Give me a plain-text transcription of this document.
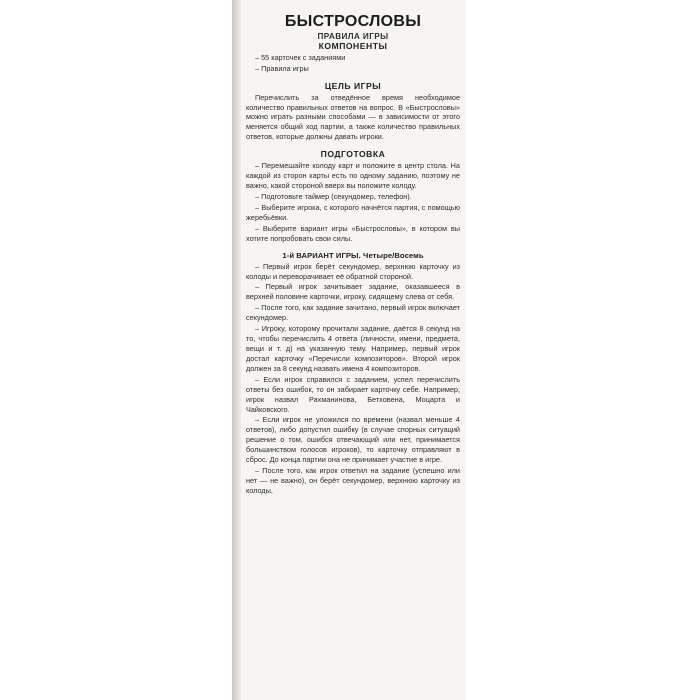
БЫСТРОСЛОВЫ
ПРАВИЛА ИГРЫ
КОМПОНЕНТЫ

– 55 карточек с заданиями

– Правила игры

ЦЕЛЬ ИГРЫ

Перечислить за отведённое время необходимое количество правильных ответов на вопрос. В «Быстрословы» можно играть разными способами — в зависимости от этого меняется общий ход партии, а также количество правильных ответов, которые должны давать игроки.

ПОДГОТОВКА

– Перемешайте колоду карт и положите в центр стола. На каждой из сторон карты есть по одному заданию, поэтому не важно, какой стороной вверх вы положите колоду.

– Подготовьте таймер (секундомер, телефон).

– Выберите игрока, с которого начнётся партия, с помощью жеребьёвки.

– Выберите вариант игры «Быстрословы», в котором вы хотите попробовать свои силы.

1-й ВАРИАНТ ИГРЫ. Четыре/Восемь

– Первый игрок берёт секундомер, верхнюю карточку из колоды и переворачивает её обратной стороной.

– Первый игрок зачитывает задание, оказавшееся в верхней половине карточки, игроку, сидящему слева от себя.

– После того, как задание зачитано, первый игрок включает секундомер.

– Игроку, которому прочитали задание, даётся 8 секунд на то, чтобы перечислить 4 ответа (личности, имени, предмета, вещи и т. д) на указанную тему. Например, первый игрок достал карточку «Перечисли композиторов». Второй игрок должен за 8 секунд назвать имена 4 композиторов.

– Если игрок справился с заданием, успел перечислить ответы без ошибок, то он забирает карточку себе. Например, игрок назвал Рахманинова, Бетховена, Моцарта и Чайковского.

– Если игрок не уложился по времени (назвал меньше 4 ответов), либо допустил ошибку (в случае спорных ситуаций решение о том, ошибся отвечающий или нет, принимается большинством голосов игроков), то карточку отправляют в сброс. До конца партии она не принимает участие в игре.

– После того, как игрок ответил на задание (успешно или нет — не важно), он берёт секундомер, верхнюю карточку из колоды,
